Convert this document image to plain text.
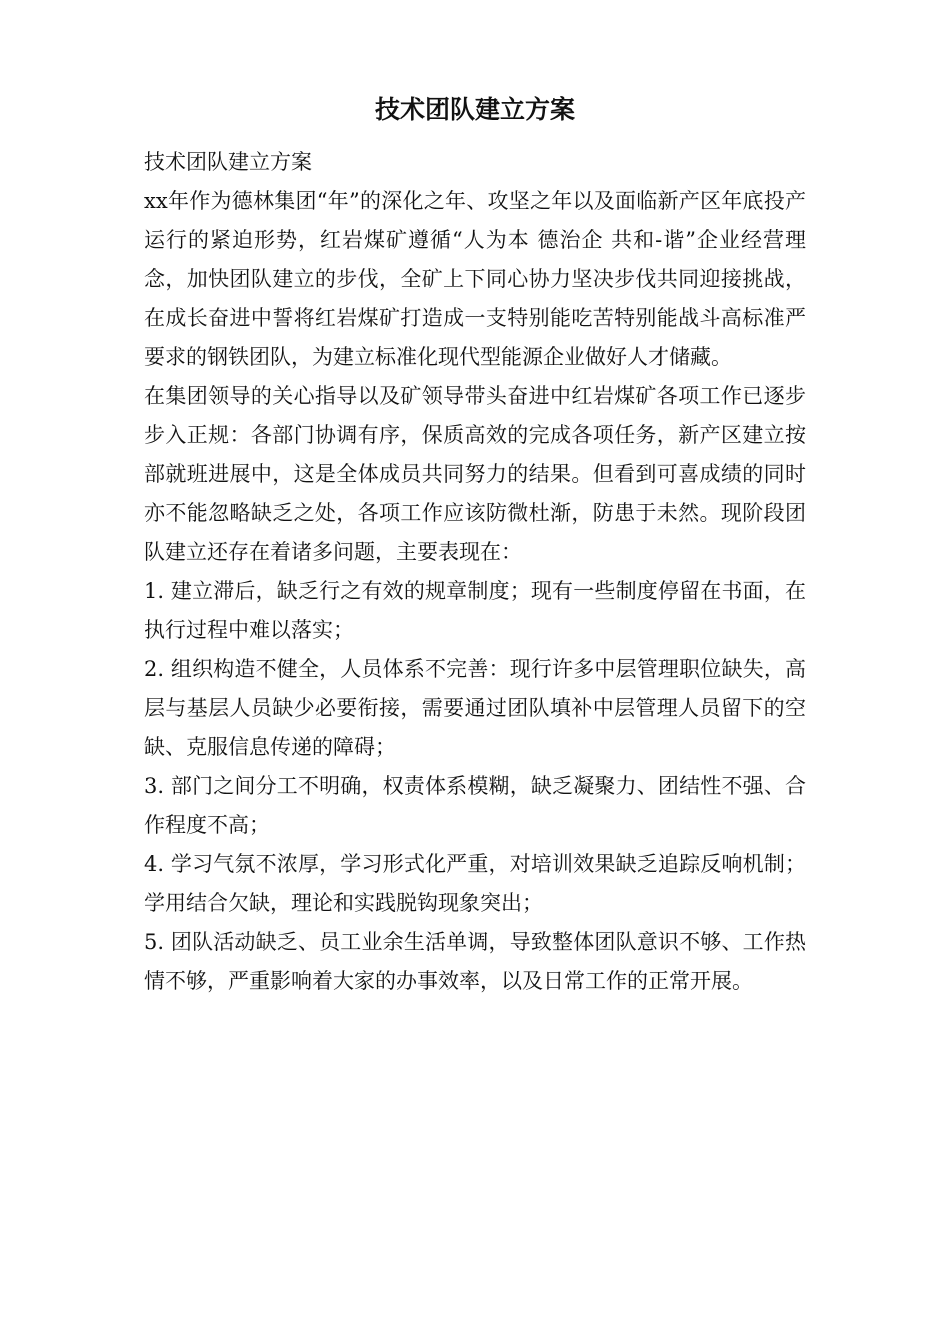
技术团队建立方案

技术团队建立方案

xx年作为德林集团“年”的深化之年、攻坚之年以及面临新产区年底投产运行的紧迫形势，红岩煤矿遵循“人为本 德治企 共和-谐”企业经营理念，加快团队建立的步伐，全矿上下同心协力坚决步伐共同迎接挑战，在成长奋进中誓将红岩煤矿打造成一支特别能吃苦特别能战斗高标准严要求的钢铁团队，为建立标准化现代型能源企业做好人才储藏。

在集团领导的关心指导以及矿领导带头奋进中红岩煤矿各项工作已逐步步入正规：各部门协调有序，保质高效的完成各项任务，新产区建立按部就班进展中，这是全体成员共同努力的结果。但看到可喜成绩的同时亦不能忽略缺乏之处，各项工作应该防微杜渐，防患于未然。现阶段团队建立还存在着诸多问题，主要表现在：

1. 建立滞后，缺乏行之有效的规章制度；现有一些制度停留在书面，在执行过程中难以落实；

2. 组织构造不健全，人员体系不完善：现行许多中层管理职位缺失，高层与基层人员缺少必要衔接，需要通过团队填补中层管理人员留下的空缺、克服信息传递的障碍；

3. 部门之间分工不明确，权责体系模糊，缺乏凝聚力、团结性不强、合作程度不高；

4. 学习气氛不浓厚，学习形式化严重，对培训效果缺乏追踪反响机制；学用结合欠缺，理论和实践脱钩现象突出；

5. 团队活动缺乏、员工业余生活单调，导致整体团队意识不够、工作热情不够，严重影响着大家的办事效率，以及日常工作的正常开展。
